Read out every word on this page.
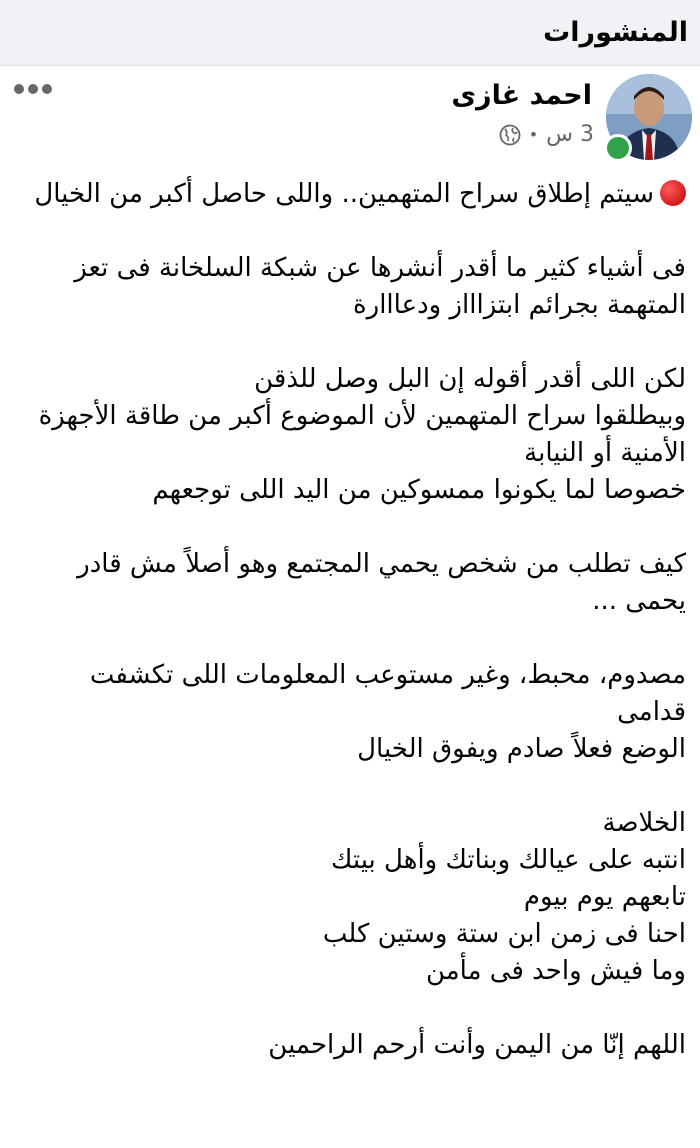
المنشورات
احمد غازى
3 س
•

سيتم إطلاق سراح المتهمين.. واللى حاصل أكبر من الخيال

فى أشياء كثير ما أقدر أنشرها عن شبكة السلخانة فى تعز المتهمة بجرائم ابتزاااز ودعااارة

لكن اللى أقدر أقوله إن البل وصل للذقن
وبيطلقوا سراح المتهمين لأن الموضوع أكبر من طاقة الأجهزة الأمنية أو النيابة
خصوصا لما يكونوا ممسوكين من اليد اللى توجعهم

كيف تطلب من شخص يحمي المجتمع وهو أصلاً مش قادر يحمى ...

مصدوم، محبط، وغير مستوعب المعلومات اللى تكشفت قدامى
الوضع فعلاً صادم ويفوق الخيال

الخلاصة
انتبه على عيالك وبناتك وأهل بيتك
تابعهم يوم بيوم
احنا فى زمن ابن ستة وستين كلب
وما فيش واحد فى مأمن

اللهم إنّا من اليمن وأنت أرحم الراحمين
